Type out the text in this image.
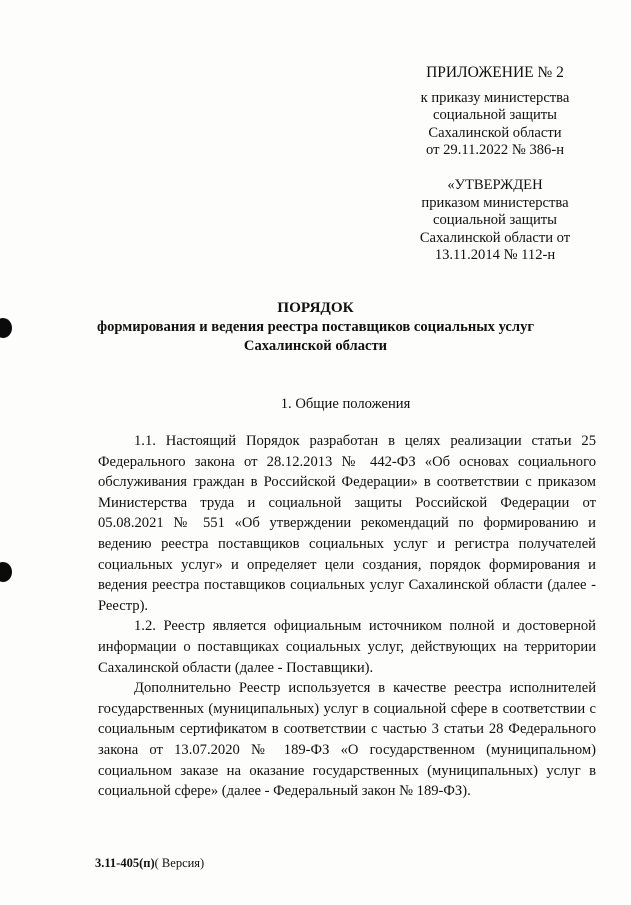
ПРИЛОЖЕНИЕ № 2
к приказу министерства
социальной защиты
Сахалинской области
от 29.11.2022 № 386-н
«УТВЕРЖДЕН
приказом министерства
социальной защиты
Сахалинской области от
13.11.2014 № 112-н
ПОРЯДОК
формирования и ведения реестра поставщиков социальных услуг
Сахалинской области
1. Общие положения

1.1. Настоящий Порядок разработан в целях реализации статьи 25 Федерального закона от 28.12.2013 № 442-ФЗ «Об основах социального обслуживания граждан в Российской Федерации» в соответствии с приказом Министерства труда и социальной защиты Российской Федерации от 05.08.2021 № 551 «Об утверждении рекомендаций по формированию и ведению реестра поставщиков социальных услуг и регистра получателей социальных услуг» и определяет цели создания, порядок формирования и ведения реестра поставщиков социальных услуг Сахалинской области (далее - Реестр).

1.2. Реестр является официальным источником полной и достоверной информации о поставщиках социальных услуг, действующих на территории Сахалинской области (далее - Поставщики).

Дополнительно Реестр используется в качестве реестра исполнителей государственных (муниципальных) услуг в социальной сфере в соответствии с социальным сертификатом в соответствии с частью 3 статьи 28 Федерального закона от 13.07.2020 № 189-ФЗ «О государственном (муниципальном) социальном заказе на оказание государственных (муниципальных) услуг в социальной сфере» (далее - Федеральный закон № 189-ФЗ).

3.11-405(п)( Версия)
